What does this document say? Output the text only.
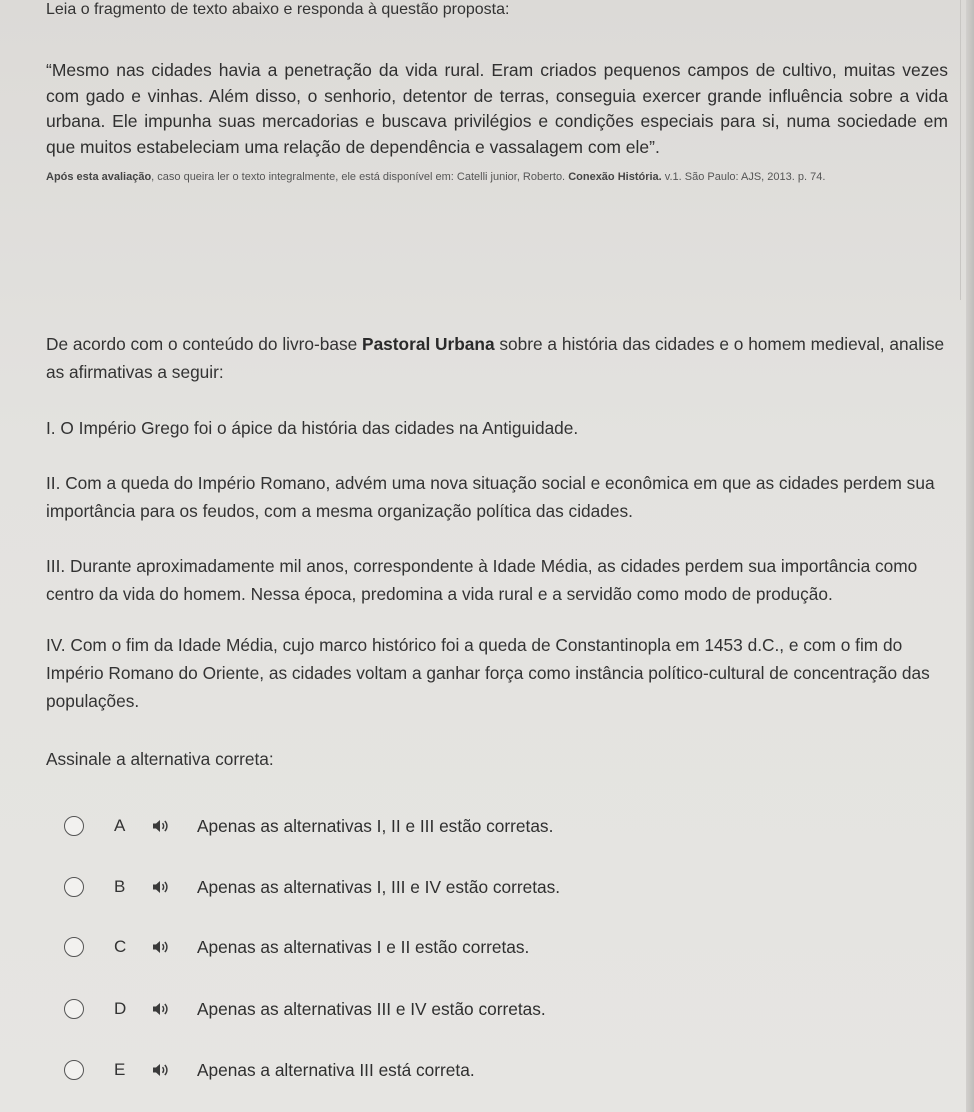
Leia o fragmento de texto abaixo e responda à questão proposta:
“Mesmo nas cidades havia a penetração da vida rural. Eram criados pequenos campos de cultivo, muitas vezes com gado e vinhas. Além disso, o senhorio, detentor de terras, conseguia exercer grande influência sobre a vida urbana. Ele impunha suas mercadorias e buscava privilégios e condições especiais para si, numa sociedade em que muitos estabeleciam uma relação de dependência e vassalagem com ele”.
Após esta avaliação, caso queira ler o texto integralmente, ele está disponível em: Catelli junior, Roberto. Conexão História. v.1. São Paulo: AJS, 2013. p. 74.
De acordo com o conteúdo do livro-base Pastoral Urbana sobre a história das cidades e o homem medieval, analise as afirmativas a seguir:
I. O Império Grego foi o ápice da história das cidades na Antiguidade.
II. Com a queda do Império Romano, advém uma nova situação social e econômica em que as cidades perdem sua importância para os feudos, com a mesma organização política das cidades.
III. Durante aproximadamente mil anos, correspondente à Idade Média, as cidades perdem sua importância como centro da vida do homem. Nessa época, predomina a vida rural e a servidão como modo de produção.
IV. Com o fim da Idade Média, cujo marco histórico foi a queda de Constantinopla em 1453 d.C., e com o fim do Império Romano do Oriente, as cidades voltam a ganhar força como instância político-cultural de concentração das populações.
Assinale a alternativa correta:
A	Apenas as alternativas I, II e III estão corretas.
B	Apenas as alternativas I, III e IV estão corretas.
C	Apenas as alternativas I e II estão corretas.
D	Apenas as alternativas III e IV estão corretas.
E	Apenas a alternativa III está correta.
